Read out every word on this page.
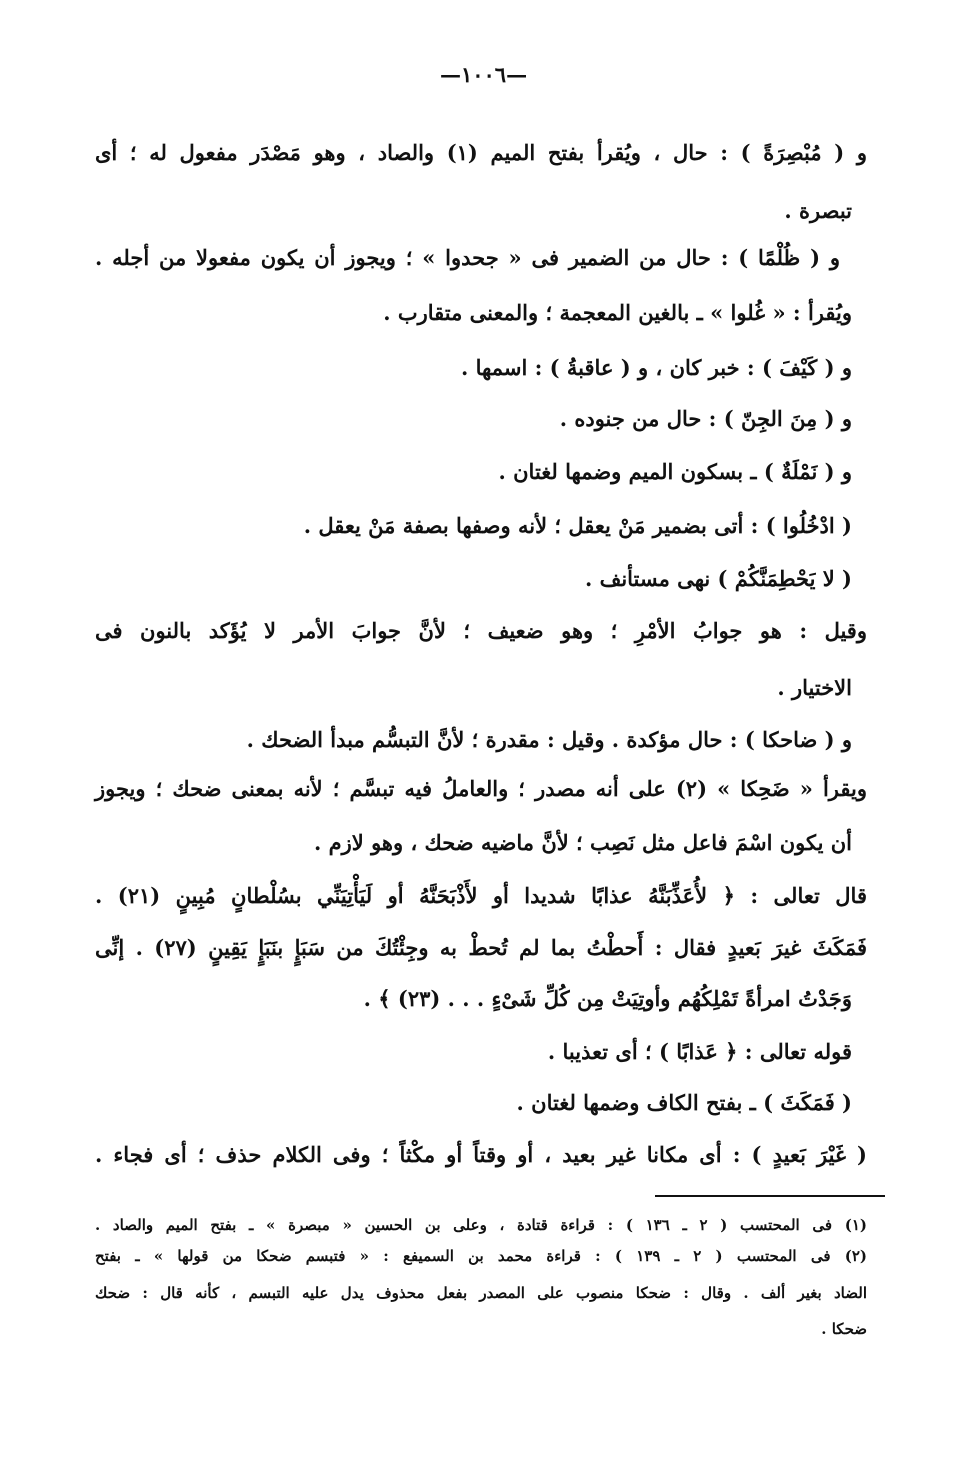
—١٠٠٦—
و ( مُبْصِرَةً ) : حال ، ويُقرأ بفتح الميم (١) والصاد ، وهو مَصْدَر مفعول له ؛ أى
تبصرة .
و ( ظُلْمًا ) : حال من الضمير فى « جحدوا » ؛ ويجوز أن يكون مفعولا من أجله .
ويُقرأ : « غُلوا » ـ بالغين المعجمة ؛ والمعنى متقارب .
و ( كَيْفَ ) : خبر كان ، و ( عاقبةُ ) : اسمها .
و ( مِنَ الجِنّ ) : حال من جنوده .
و ( نَمْلَةٌ ) ـ بسكون الميم وضمها لغتان .
( ادْخُلُوا ) : أتى بضمير مَنْ يعقل ؛ لأنه وصفها بصفة مَنْ يعقل .
( لا يَحْطِمَنَّكُمْ ) نهى مستأنف .
وقيل : هو جوابُ الأمْرِ ؛ وهو ضعيف ؛ لأنَّ جوابَ الأمر لا يُؤَكد بالنون فى
الاختيار .
و ( ضاحكا ) : حال مؤكدة . وقيل : مقدرة ؛ لأنَّ التبسُّم مبدأ الضحك .
ويقرأ « ضَحِكا » (٢) على أنه مصدر ؛ والعاملُ فيه تبسَّم ؛ لأنه بمعنى ضحك ؛ ويجوز
أن يكون اسْمَ فاعل مثل نَصِب ؛ لأنَّ ماضيه ضحك ، وهو لازم .
قال تعالى : ﴿ لأُعَذِّبَنَّهُ عذابًا شديدا أو لأَذْبَحَنَّهُ أو لَيَأْتِيَنِّي بسُلْطانٍ مُبِينٍ (٢١) .
فَمَكَثَ غيرَ بَعيدٍ فقال : أَحطْتُ بما لم تُحطْ به وجِئْتُكَ من سَبَإٍ بنَبَإٍ يَقِينٍ (٢٧) . إنِّى
وَجَدْتُ امرأةً تَمْلِكُهُم وأوتِيَتْ مِن كُلِّ شَىْءٍ . . . (٢٣) ﴾ .
قوله تعالى : ﴿ عَذابًا ) ؛ أى تعذيبا .
( فَمَكَثَ ) ـ بفتح الكاف وضمها لغتان .
( غَيْرَ بَعيدٍ ) : أى مكانا غير بعيد ، أو وقتاً أو مكْثاً ؛ وفى الكلام حذف ؛ أى فجاء .
(١) فى المحتسب ( ٢ ـ ١٣٦ ) : قراءة قتادة ، وعلى بن الحسين « مبصرة » ـ بفتح الميم والصاد .
(٢) فى المحتسب ( ٢ ـ ١٣٩ ) : قراءة محمد بن السميفع : « فتبسم ضحكا من قولها » ـ بفتح
الضاد بغير ألف . وقال : ضحكا منصوب على المصدر بفعل محذوف يدل عليه التبسم ، كأنه قال : ضحك
ضحكا .
